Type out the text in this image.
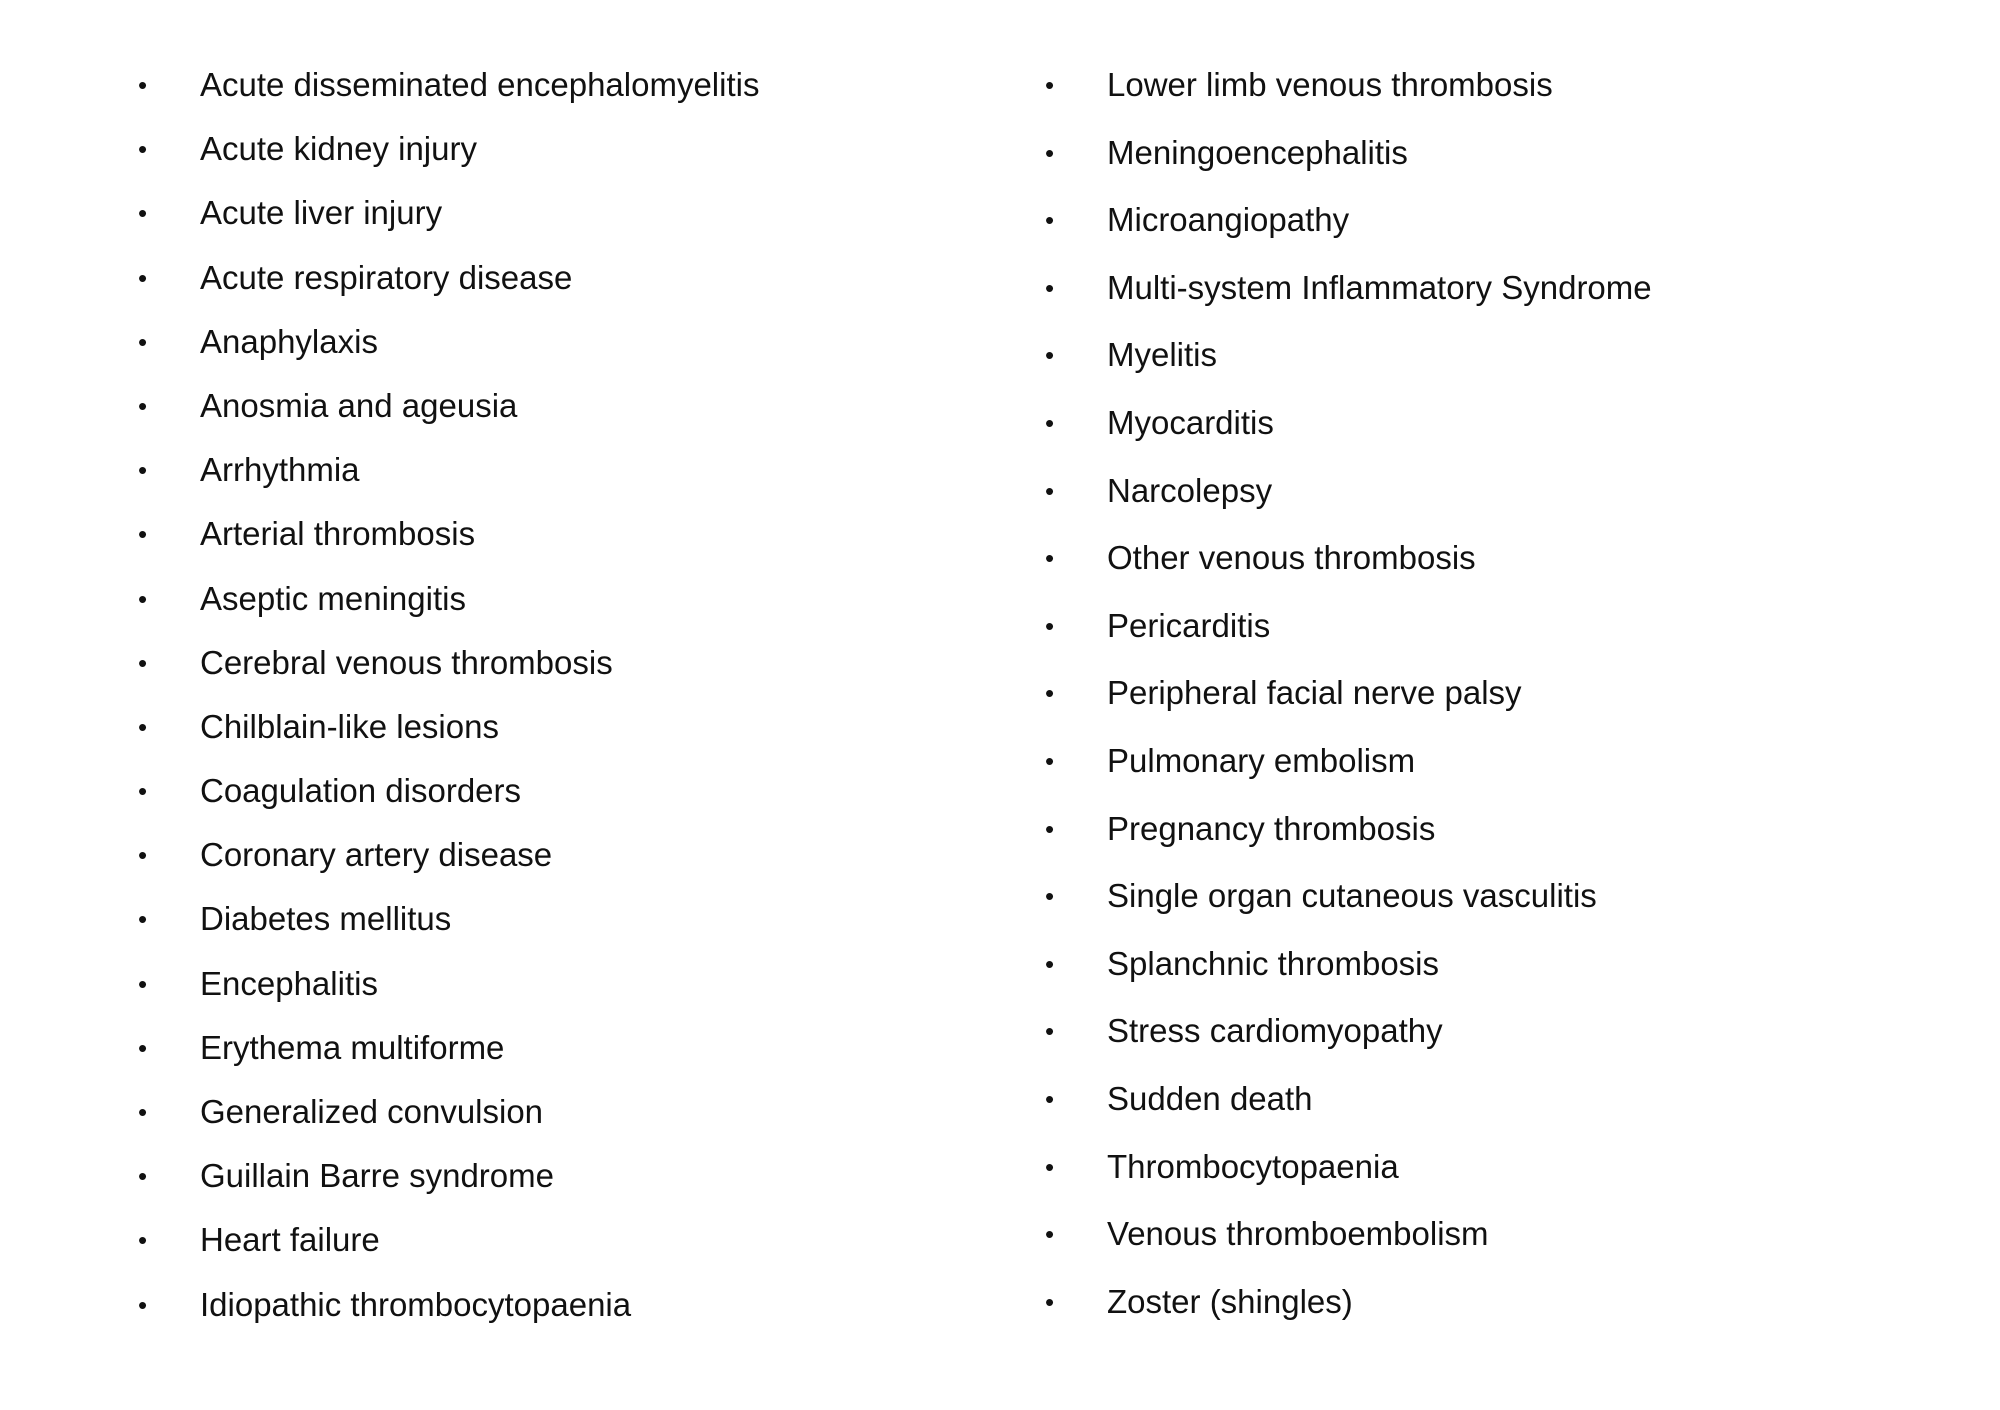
•	Acute disseminated encephalomyelitis
•	Acute kidney injury
•	Acute liver injury
•	Acute respiratory disease
•	Anaphylaxis
•	Anosmia and ageusia
•	Arrhythmia
•	Arterial thrombosis
•	Aseptic meningitis
•	Cerebral venous thrombosis
•	Chilblain-like lesions
•	Coagulation disorders
•	Coronary artery disease
•	Diabetes mellitus
•	Encephalitis
•	Erythema multiforme
•	Generalized convulsion
•	Guillain Barre syndrome
•	Heart failure
•	Idiopathic thrombocytopaenia
•	Lower limb venous thrombosis
•	Meningoencephalitis
•	Microangiopathy
•	Multi-system Inflammatory Syndrome
•	Myelitis
•	Myocarditis
•	Narcolepsy
•	Other venous thrombosis
•	Pericarditis
•	Peripheral facial nerve palsy
•	Pulmonary embolism
•	Pregnancy thrombosis
•	Single organ cutaneous vasculitis
•	Splanchnic thrombosis
•	Stress cardiomyopathy
•	Sudden death
•	Thrombocytopaenia
•	Venous thromboembolism
•	Zoster (shingles)
